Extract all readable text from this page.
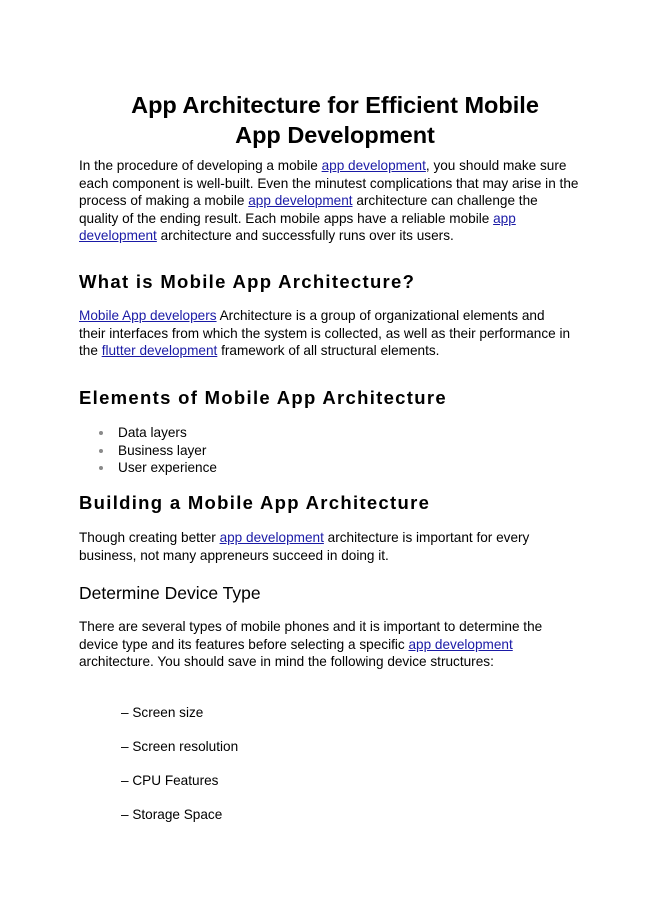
App Architecture for Efficient Mobile
App Development

In the procedure of developing a mobile app development, you should make sure each component is well-built. Even the minutest complications that may arise in the process of making a mobile app development architecture can challenge the quality of the ending result. Each mobile apps have a reliable mobile app development architecture and successfully runs over its users.

What is Mobile App Architecture?

Mobile App developers Architecture is a group of organizational elements and their interfaces from which the system is collected, as well as their performance in the flutter development framework of all structural elements.

Elements of Mobile App Architecture
Data layers
Business layer
User experience
Building a Mobile App Architecture

Though creating better app development architecture is important for every business, not many appreneurs succeed in doing it.

Determine Device Type

There are several types of mobile phones and it is important to determine the device type and its features before selecting a specific app development architecture. You should save in mind the following device structures:

– Screen size

– Screen resolution

– CPU Features

– Storage Space
